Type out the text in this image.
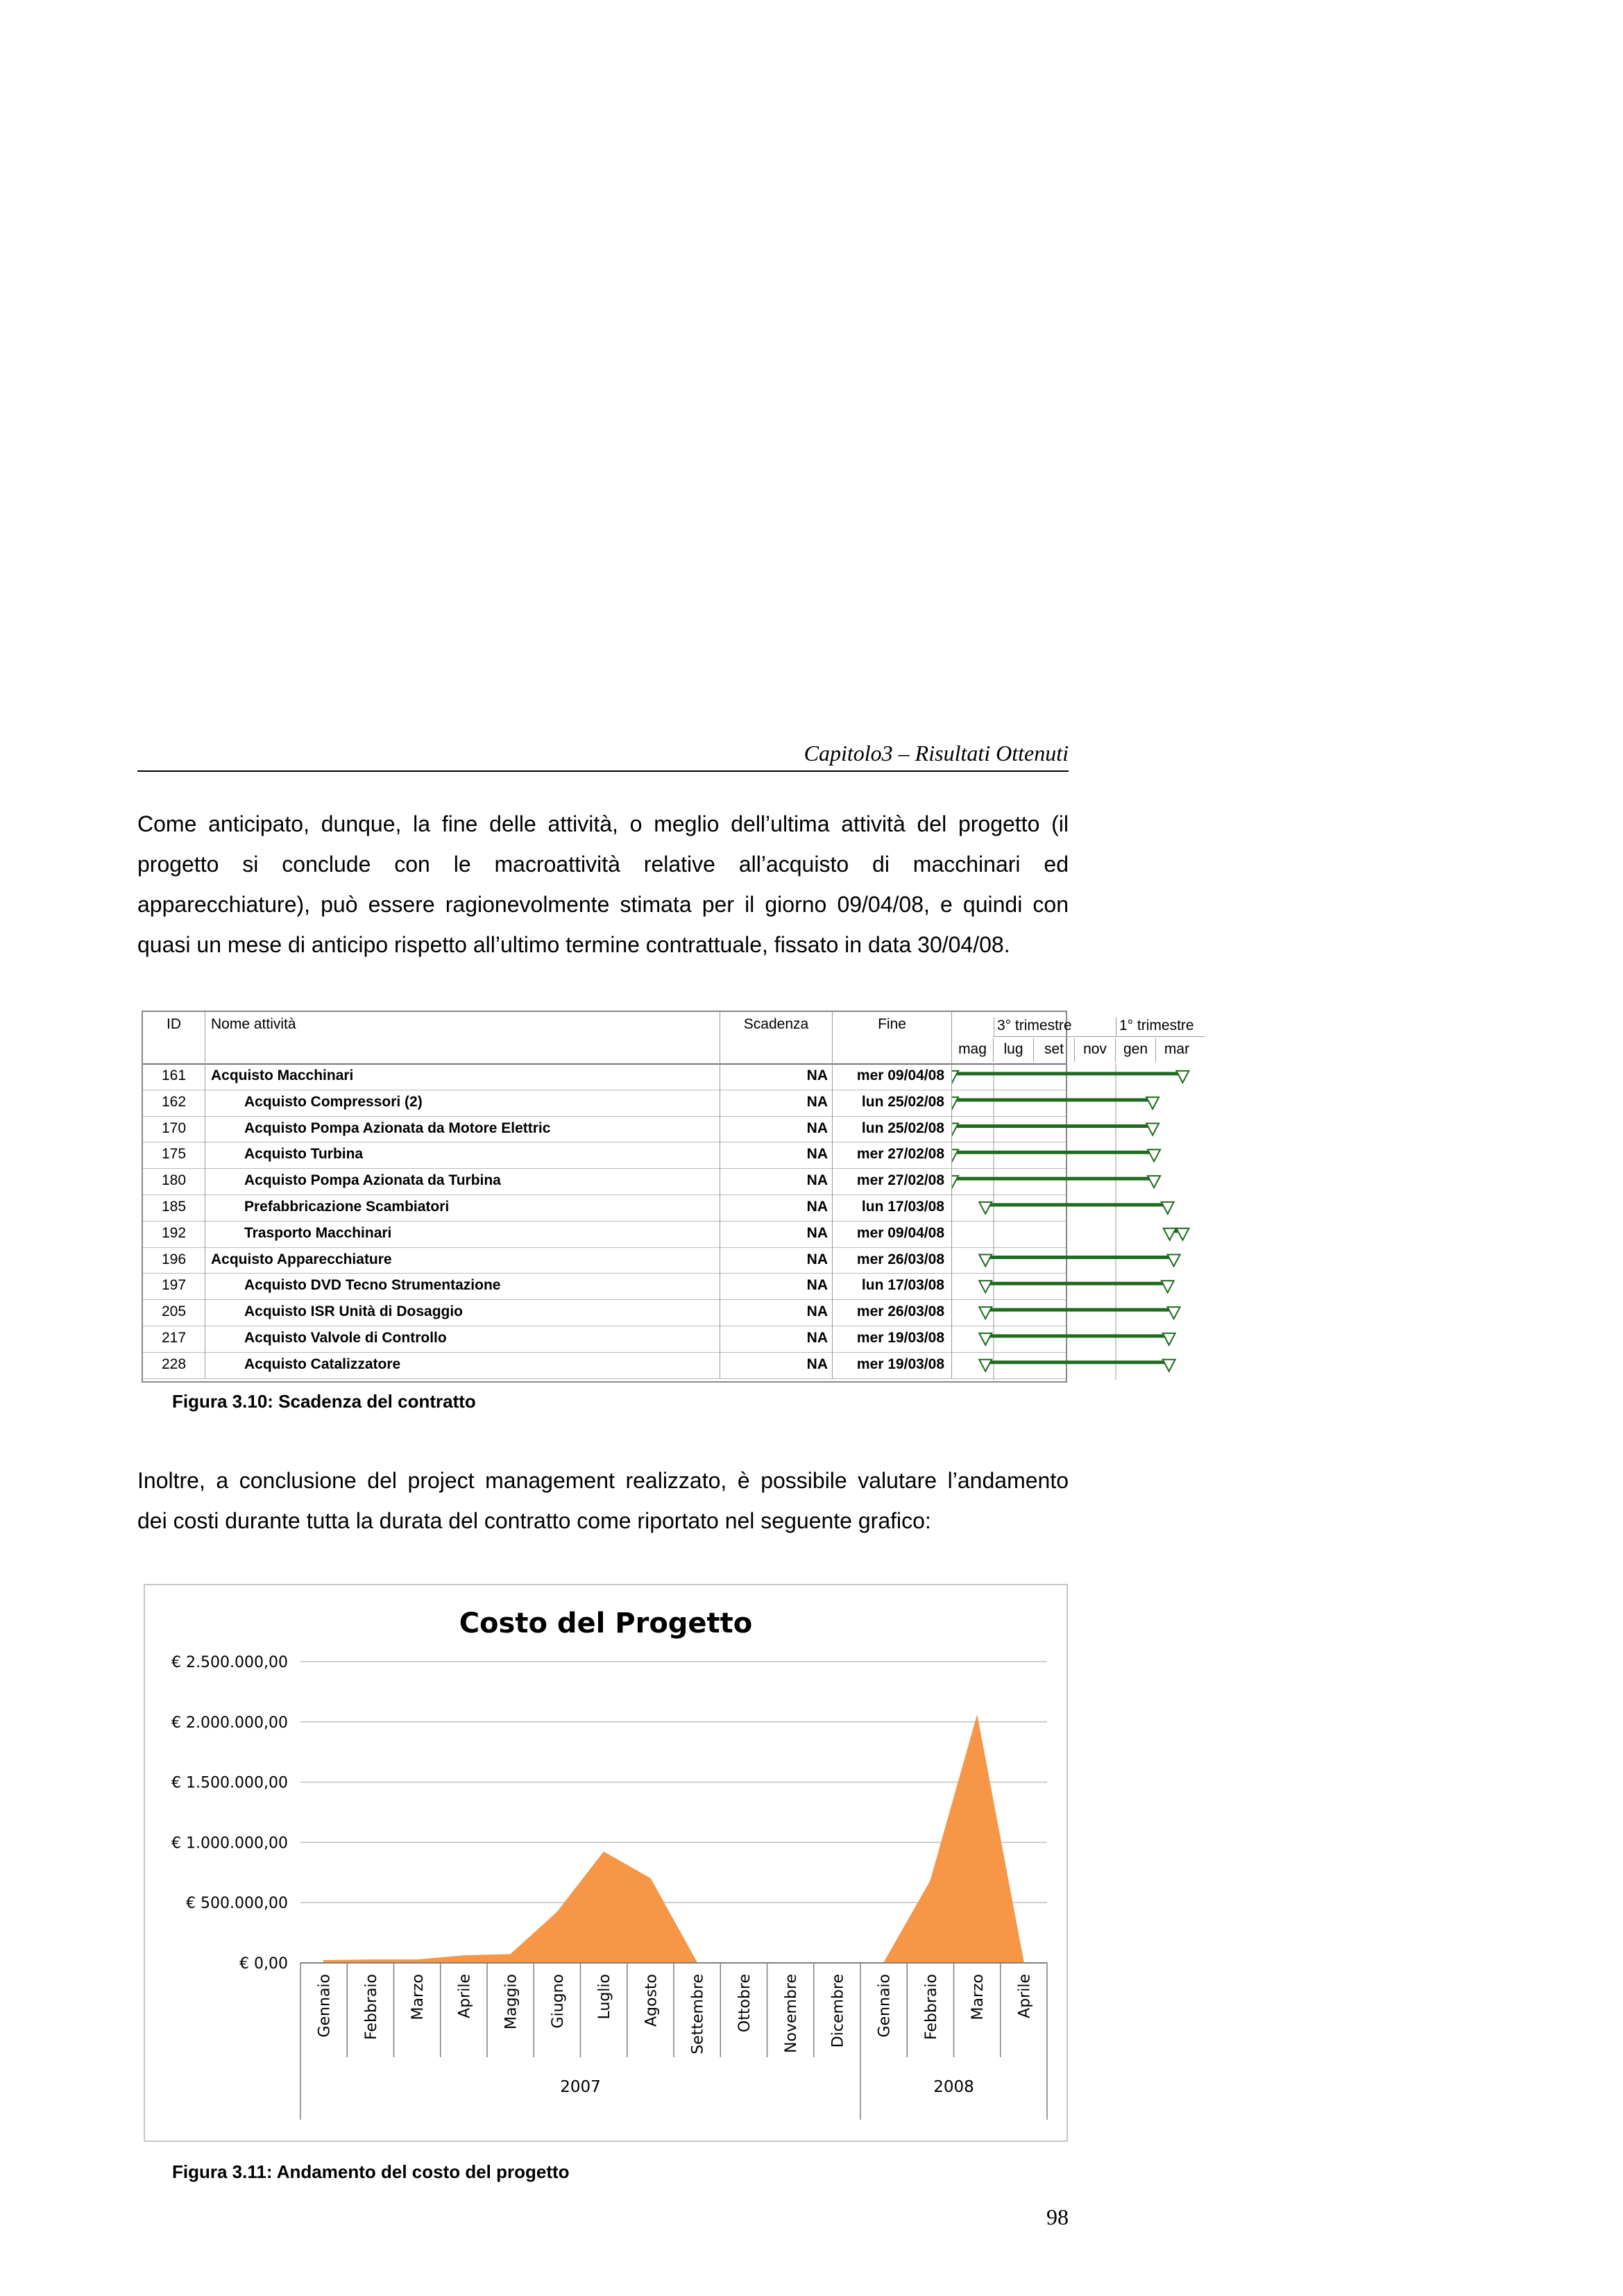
Capitolo3 – Risultati Ottenuti

Come anticipato, dunque, la fine delle attività, o meglio dell’ultima attività del progetto (il
progetto si conclude con le macroattività relative all’acquisto di macchinari ed
apparecchiature), può essere ragionevolmente stimata per il giorno 09/04/08, e quindi con
quasi un mese di anticipo rispetto all’ultimo termine contrattuale, fissato in data 30/04/08.

ID	Nome attività	Scadenza	Fine	3° trimestre	1° trimestre
mag	lug	set	nov	gen	mar
161	Acquisto Macchinari	NA	mer 09/04/08
162	Acquisto Compressori (2)	NA	lun 25/02/08
170	Acquisto Pompa Azionata da Motore Elettric	NA	lun 25/02/08
175	Acquisto Turbina	NA	mer 27/02/08
180	Acquisto Pompa Azionata da Turbina	NA	mer 27/02/08
185	Prefabbricazione Scambiatori	NA	lun 17/03/08
192	Trasporto Macchinari	NA	mer 09/04/08
196	Acquisto Apparecchiature	NA	mer 26/03/08
197	Acquisto DVD Tecno Strumentazione	NA	lun 17/03/08
205	Acquisto ISR Unità di Dosaggio	NA	mer 26/03/08
217	Acquisto Valvole di Controllo	NA	mer 19/03/08
228	Acquisto Catalizzatore	NA	mer 19/03/08
Figura 3.10: Scadenza del contratto

Inoltre, a conclusione del project management realizzato, è possibile valutare l’andamento
dei costi durante tutta la durata del contratto come riportato nel seguente grafico:

Costo del Progetto
€ 0,00
€ 500.000,00
€ 1.000.000,00
€ 1.500.000,00
€ 2.000.000,00
€ 2.500.000,00
2007	2008
Gennaio Febbraio Marzo Aprile Maggio Giugno Luglio Agosto Settembre Ottobre Novembre Dicembre Gennaio Febbraio Marzo Aprile
Figura 3.11: Andamento del costo del progetto
98
